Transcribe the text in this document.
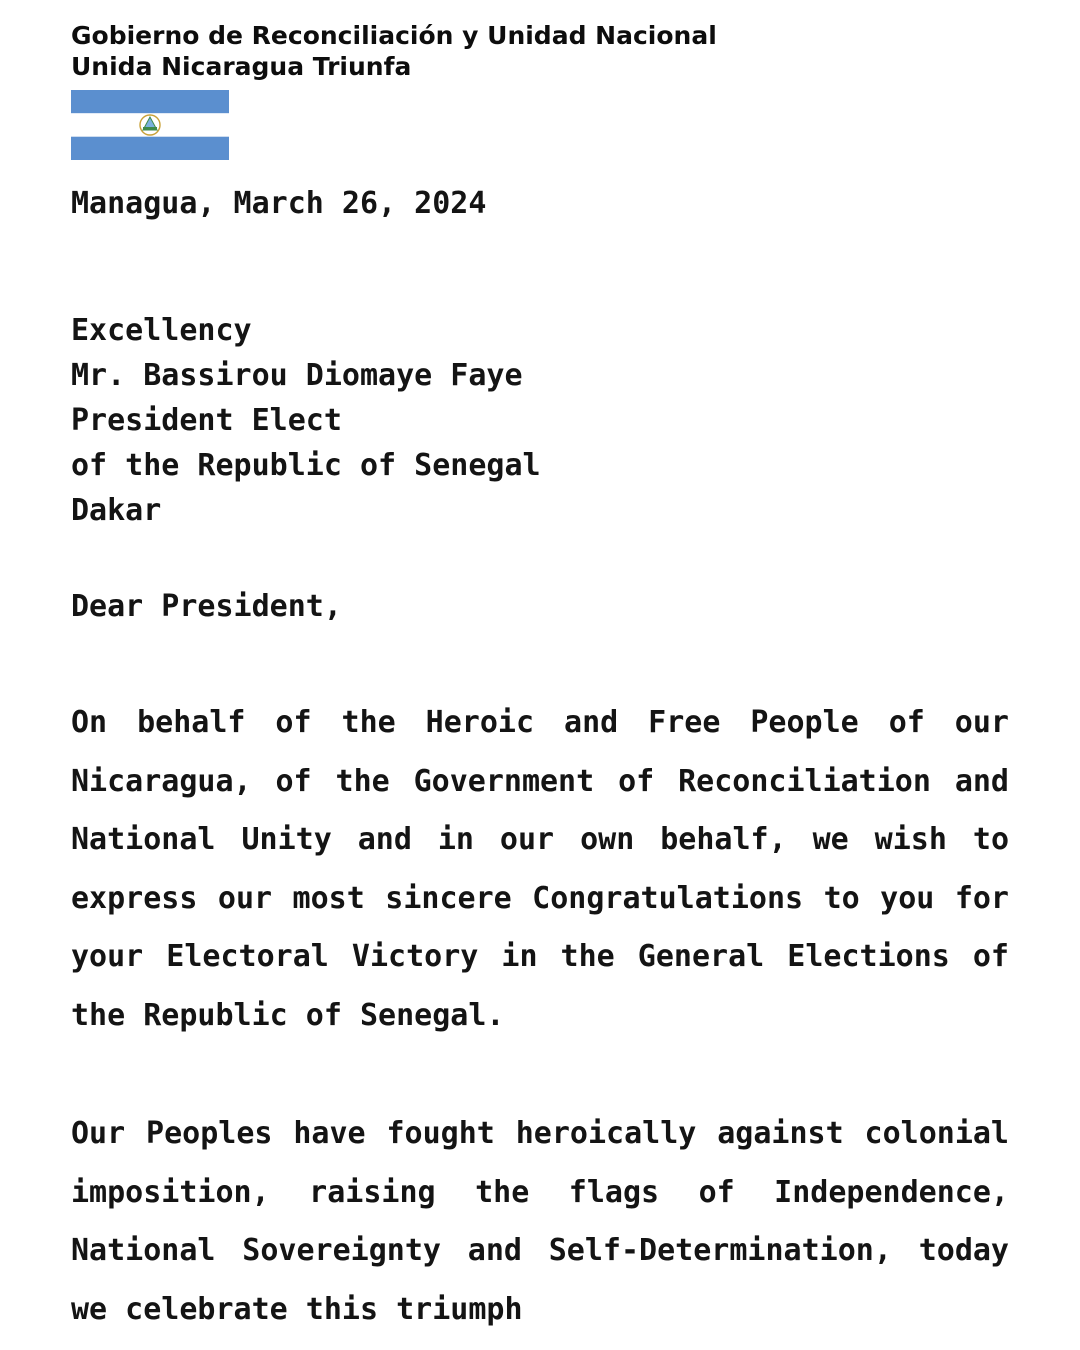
Gobierno de Reconciliación y Unidad Nacional
Unida Nicaragua Triunfa
Managua, March 26, 2024
Excellency
Mr. Bassirou Diomaye Faye
President Elect
of the Republic of Senegal
Dakar
Dear President,

On behalf of the Heroic and Free People of our Nicaragua, of the Government of Reconciliation and National Unity and in our own behalf, we wish to express our most sincere Congratulations to you for your Electoral Victory in the General Elections of the Republic of Senegal.

Our Peoples have fought heroically against colonial imposition, raising the flags of Independence, National Sovereignty and Self-Determination, today we celebrate this triumph
